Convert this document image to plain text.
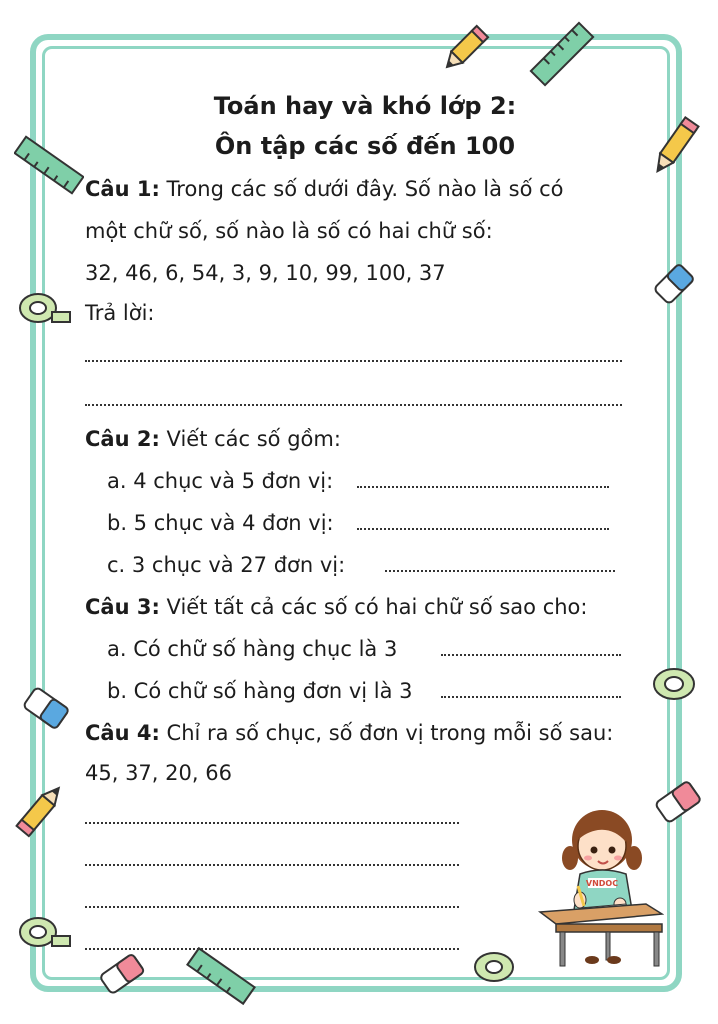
Toán hay và khó lớp 2:
Ôn tập các số đến 100
Câu 1: Trong các số dưới đây. Số nào là số có
một chữ số, số nào là số có hai chữ số:
32, 46, 6, 54, 3, 9, 10, 99, 100, 37
Trả lời:
Câu 2: Viết các số gồm:
a. 4 chục và 5 đơn vị:
b. 5 chục và 4 đơn vị:
c. 3 chục và 27 đơn vị:
Câu 3: Viết tất cả các số có hai chữ số sao cho:
a. Có chữ số hàng chục là 3
b. Có chữ số hàng đơn vị là 3
Câu 4: Chỉ ra số chục, số đơn vị trong mỗi số sau:
45, 37, 20, 66
VNDOC
